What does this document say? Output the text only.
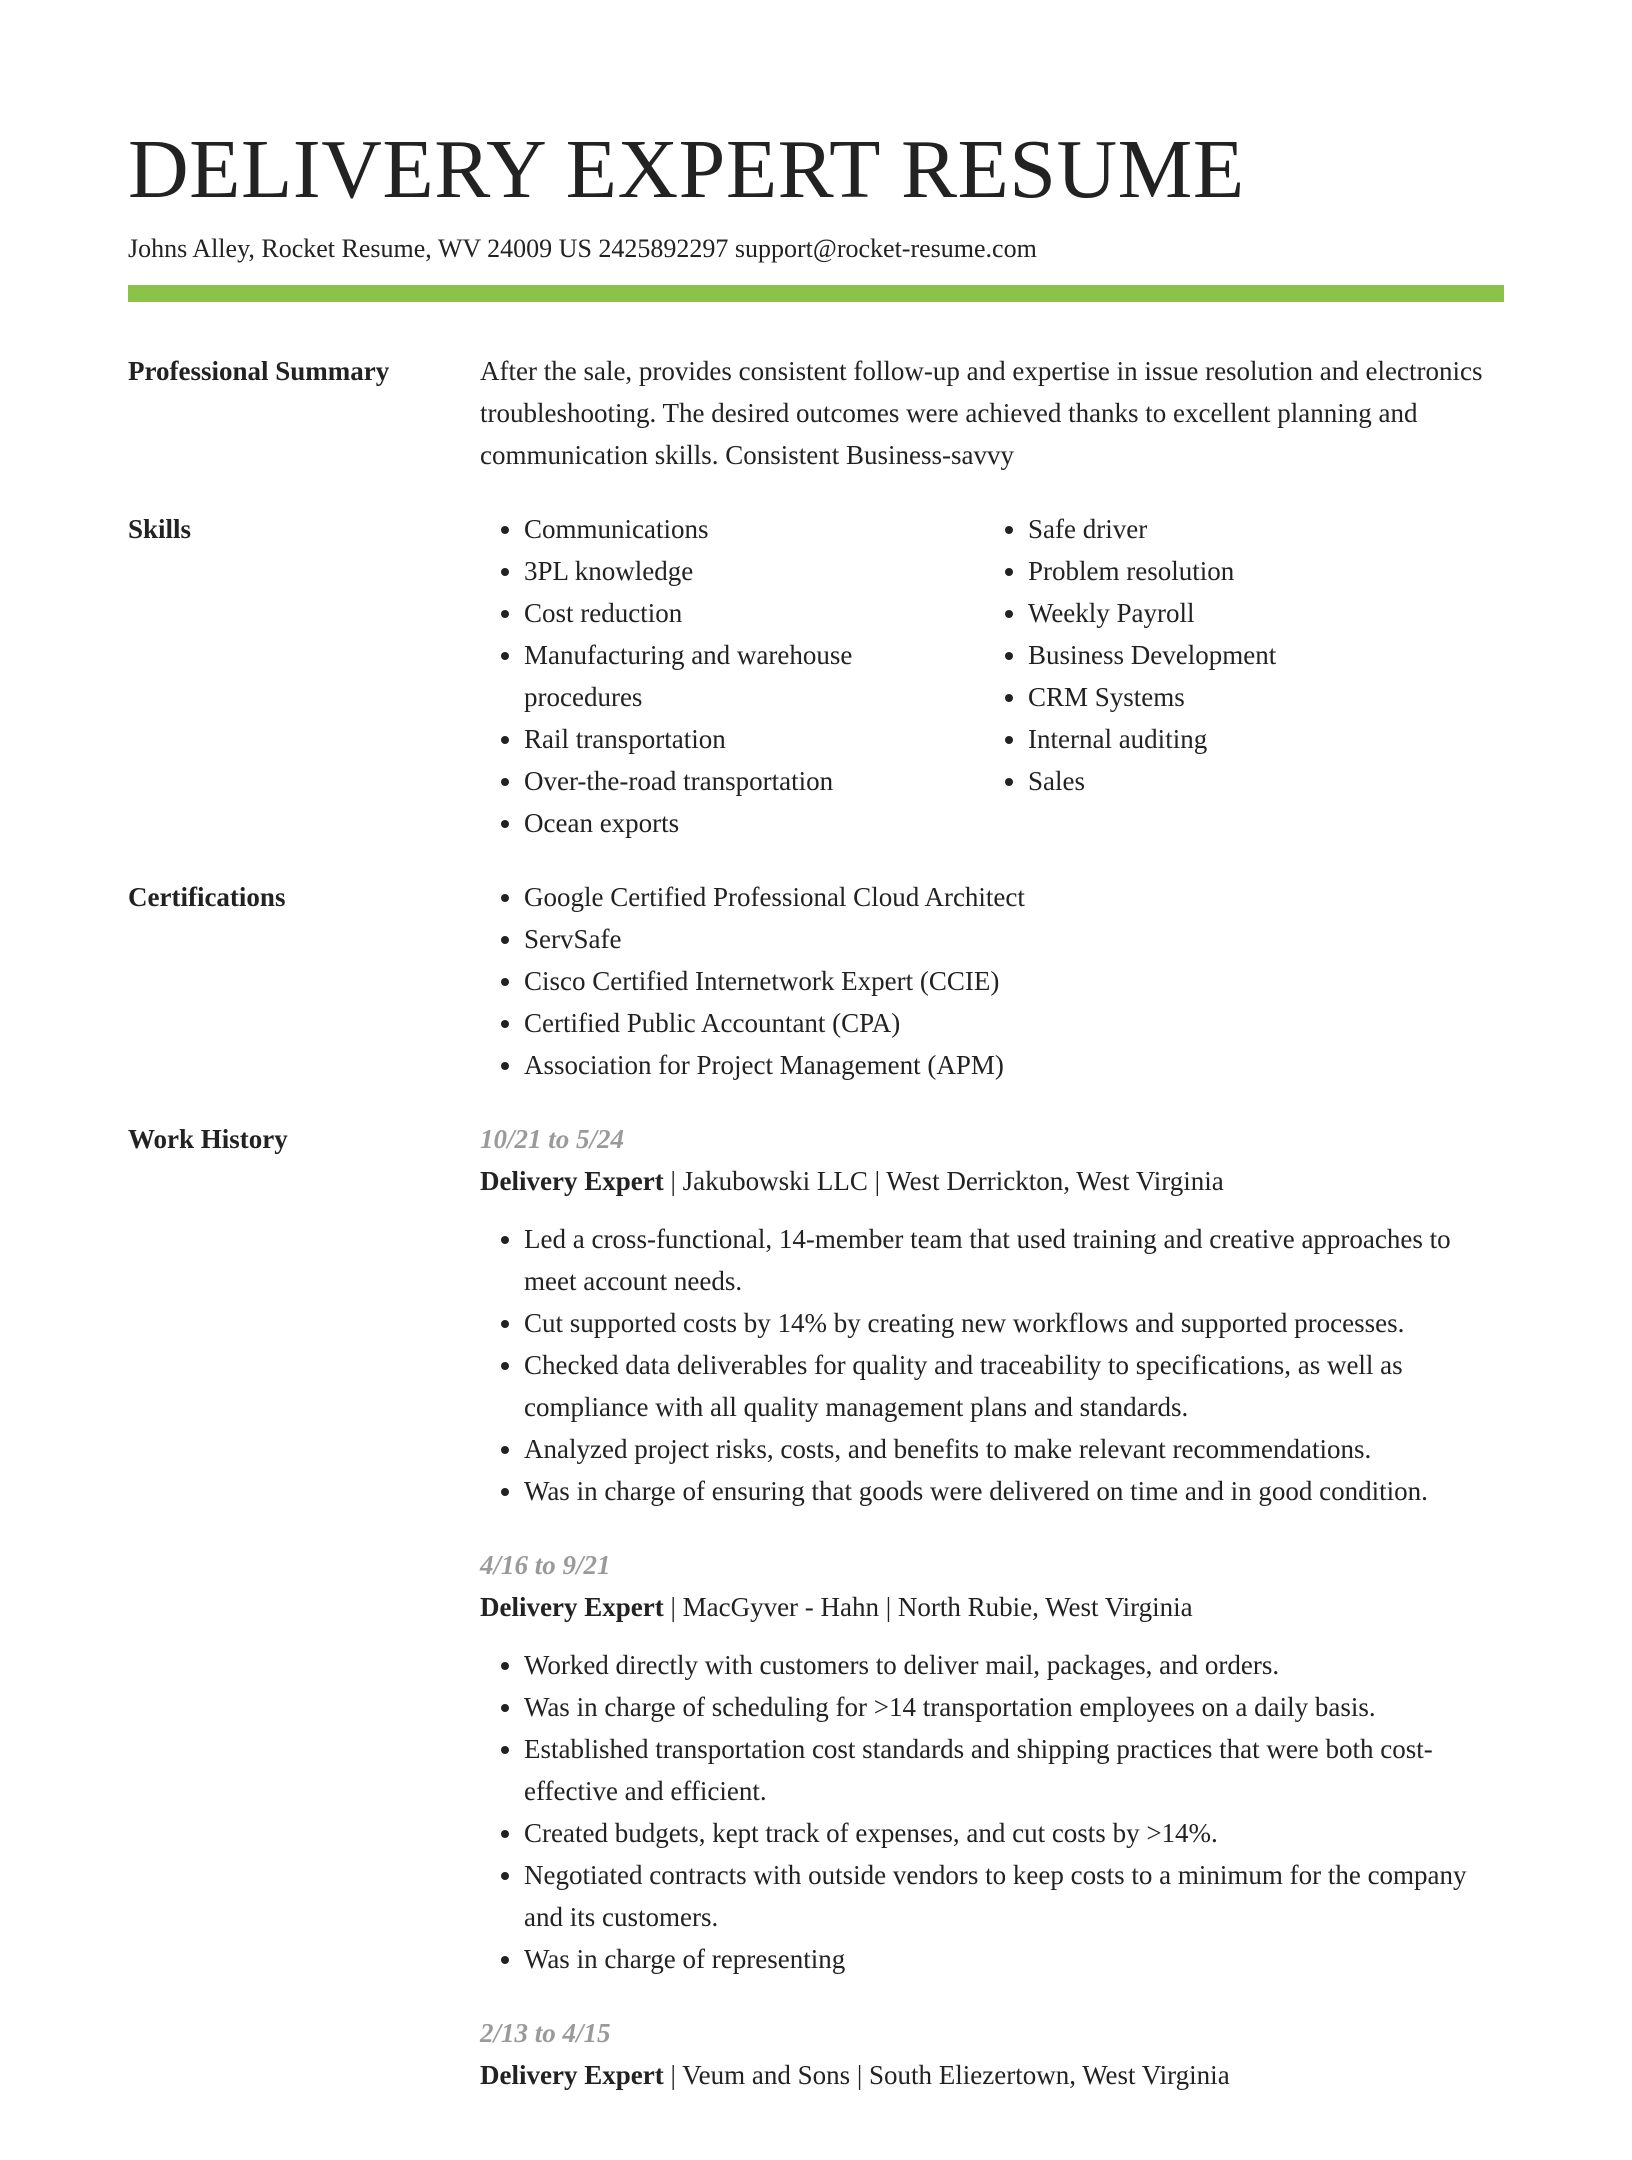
DELIVERY EXPERT RESUME
Johns Alley, Rocket Resume, WV 24009 US 2425892297 support@rocket-resume.com
Professional Summary	After the sale, provides consistent follow-up and expertise in issue resolution and electronics troubleshooting. The desired outcomes were achieved thanks to excellent planning and communication skills. Consistent Business-savvy

Skills	• Communications
• 3PL knowledge
• Cost reduction
• Manufacturing and warehouse procedures
• Rail transportation
• Over-the-road transportation
• Ocean exports
• Safe driver
• Problem resolution
• Weekly Payroll
• Business Development
• CRM Systems
• Internal auditing
• Sales
Certifications	• Google Certified Professional Cloud Architect
• ServSafe
• Cisco Certified Internetwork Expert (CCIE)
• Certified Public Accountant (CPA)
• Association for Project Management (APM)
Work History	10/21 to 5/24
Delivery Expert | Jakubowski LLC | West Derrickton, West Virginia
• Led a cross-functional, 14-member team that used training and creative approaches to meet account needs.
• Cut supported costs by 14% by creating new workflows and supported processes.
• Checked data deliverables for quality and traceability to specifications, as well as compliance with all quality management plans and standards.
• Analyzed project risks, costs, and benefits to make relevant recommendations.
• Was in charge of ensuring that goods were delivered on time and in good condition.
4/16 to 9/21
Delivery Expert | MacGyver - Hahn | North Rubie, West Virginia
• Worked directly with customers to deliver mail, packages, and orders.
• Was in charge of scheduling for >14 transportation employees on a daily basis.
• Established transportation cost standards and shipping practices that were both cost-effective and efficient.
• Created budgets, kept track of expenses, and cut costs by >14%.
• Negotiated contracts with outside vendors to keep costs to a minimum for the company and its customers.
• Was in charge of representing
2/13 to 4/15
Delivery Expert | Veum and Sons | South Eliezertown, West Virginia
